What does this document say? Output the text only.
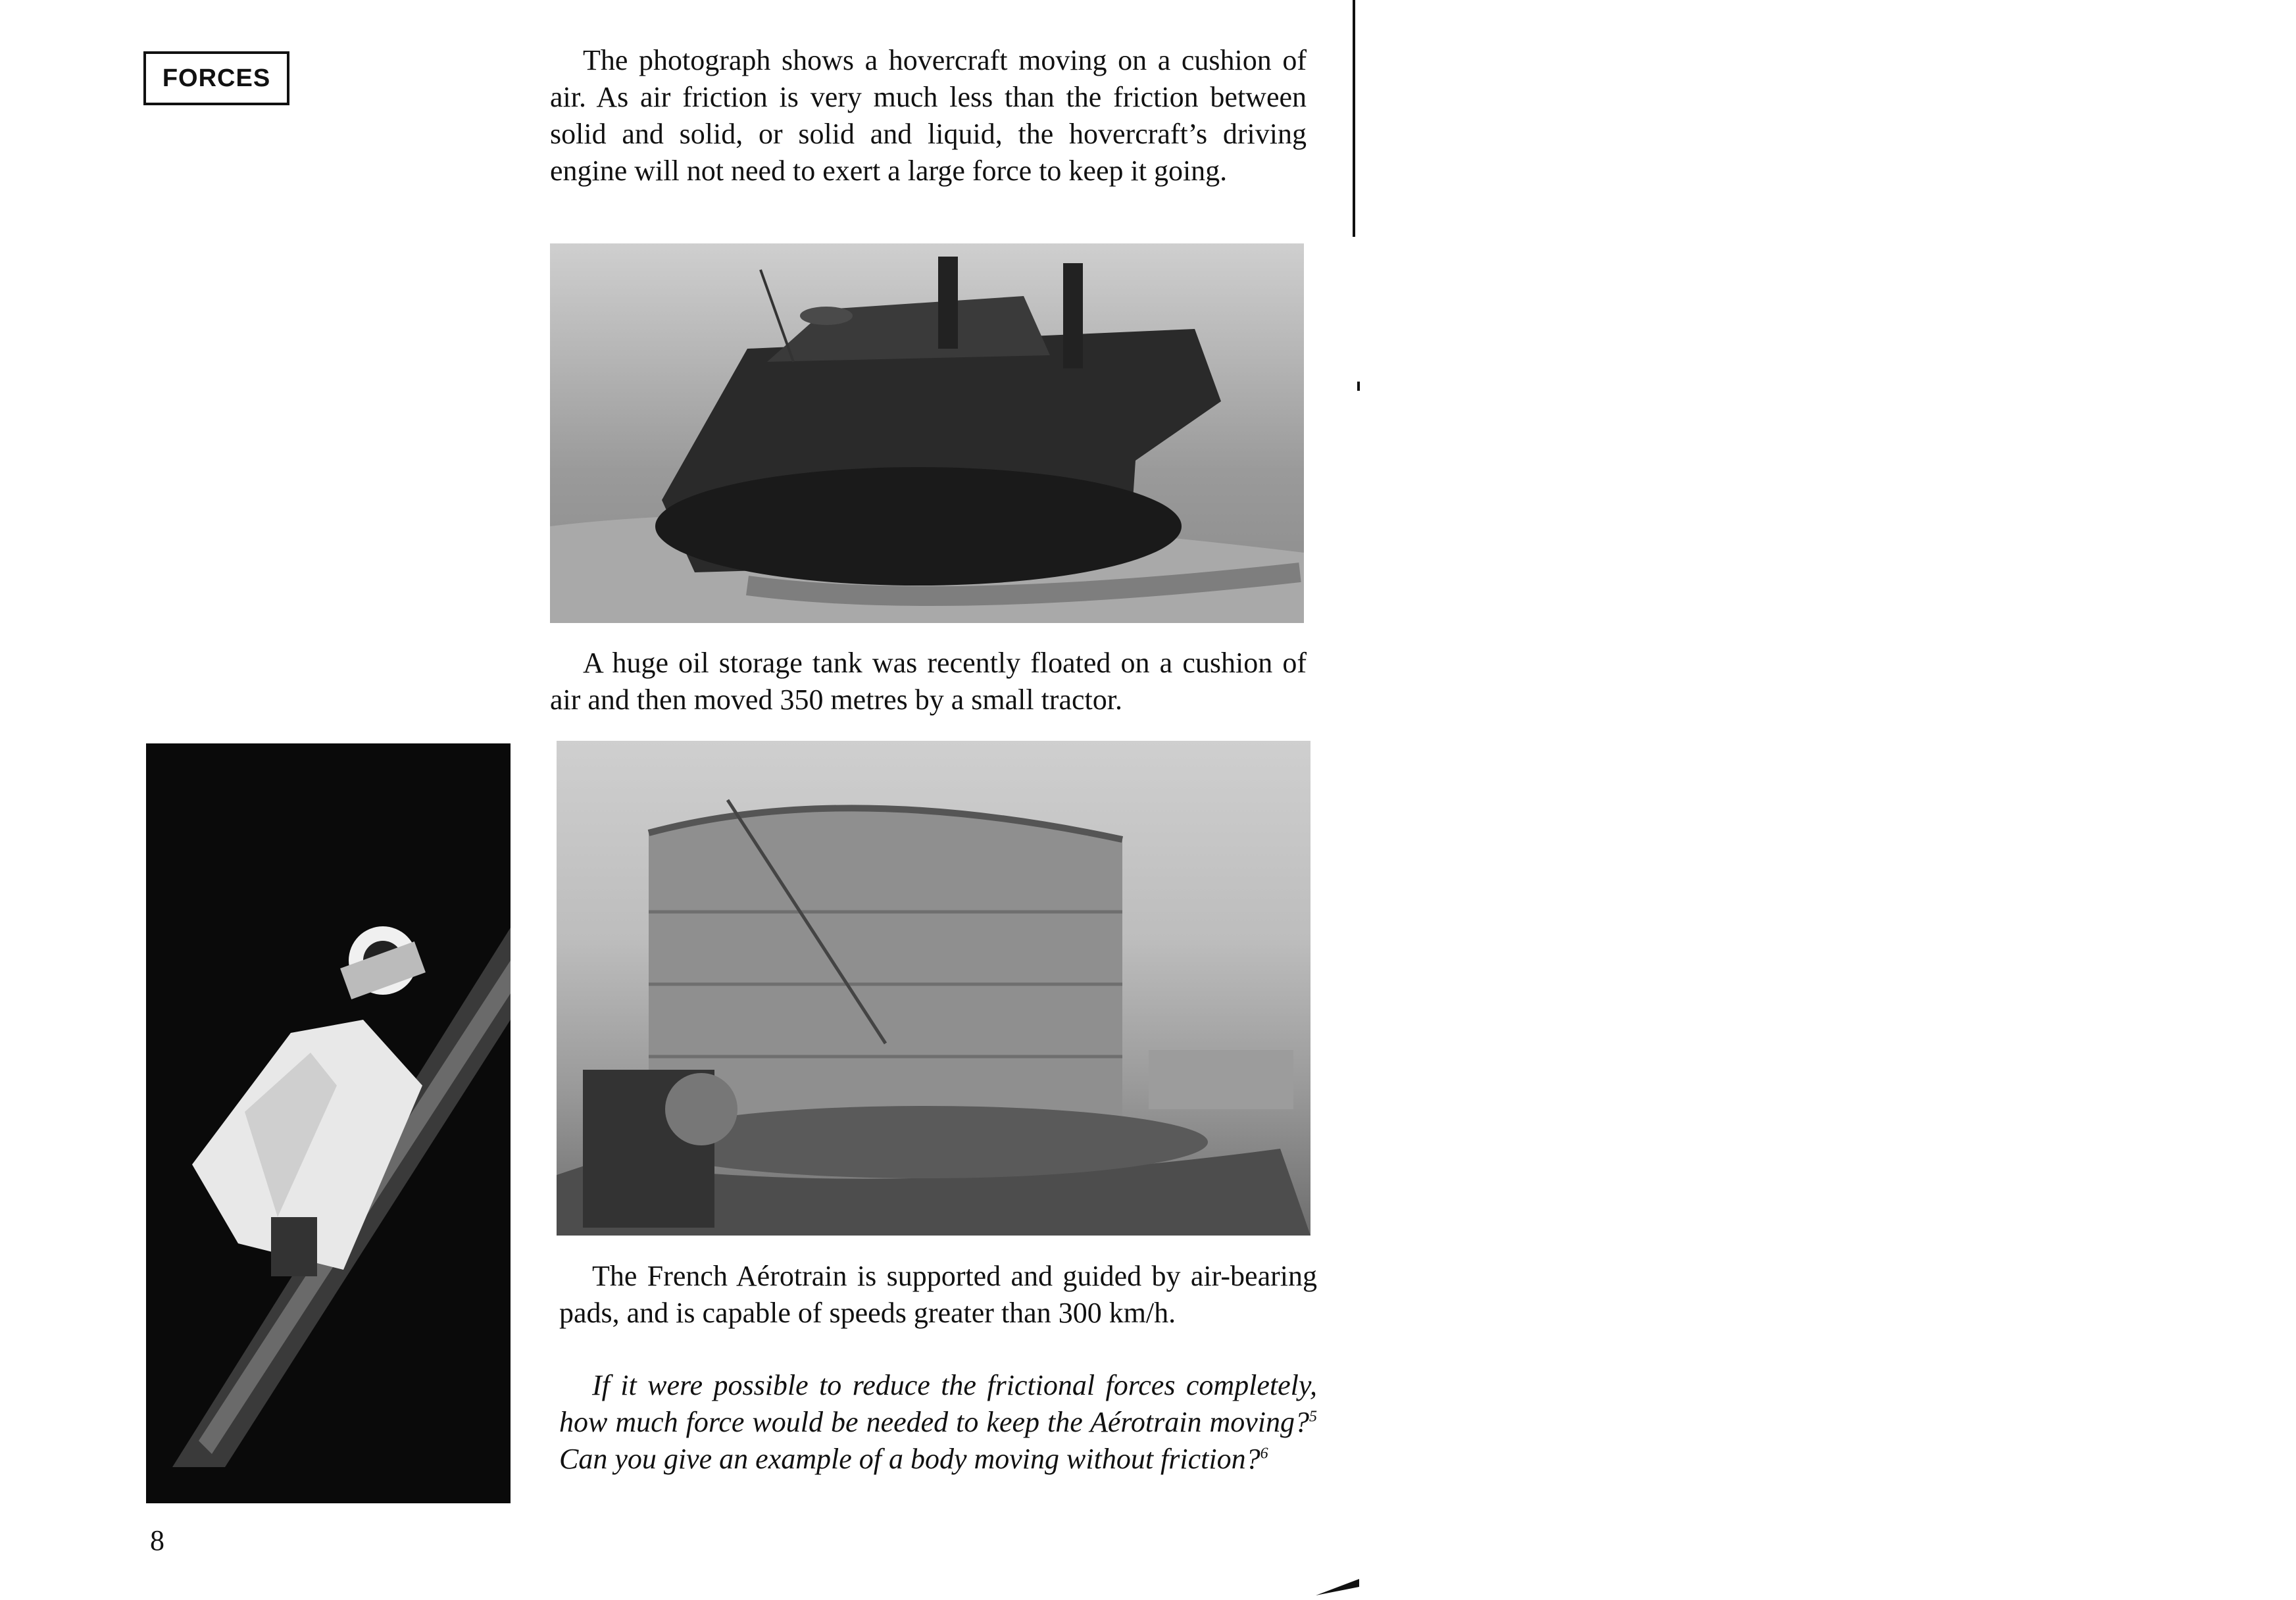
FORCES

The photograph shows a hovercraft moving on a cushion of air. As air friction is very much less than the friction between solid and solid, or solid and liquid, the hovercraft’s driving engine will not need to exert a large force to keep it going.

A huge oil storage tank was recently floated on a cushion of air and then moved 350 metres by a small tractor.

The French Aérotrain is supported and guided by air-bearing pads, and is capable of speeds greater than 300 km/h.

If it were possible to reduce the frictional forces completely, how much force would be needed to keep the Aérotrain moving?$^5$ Can you give an example of a body moving without friction?$^6$

8
